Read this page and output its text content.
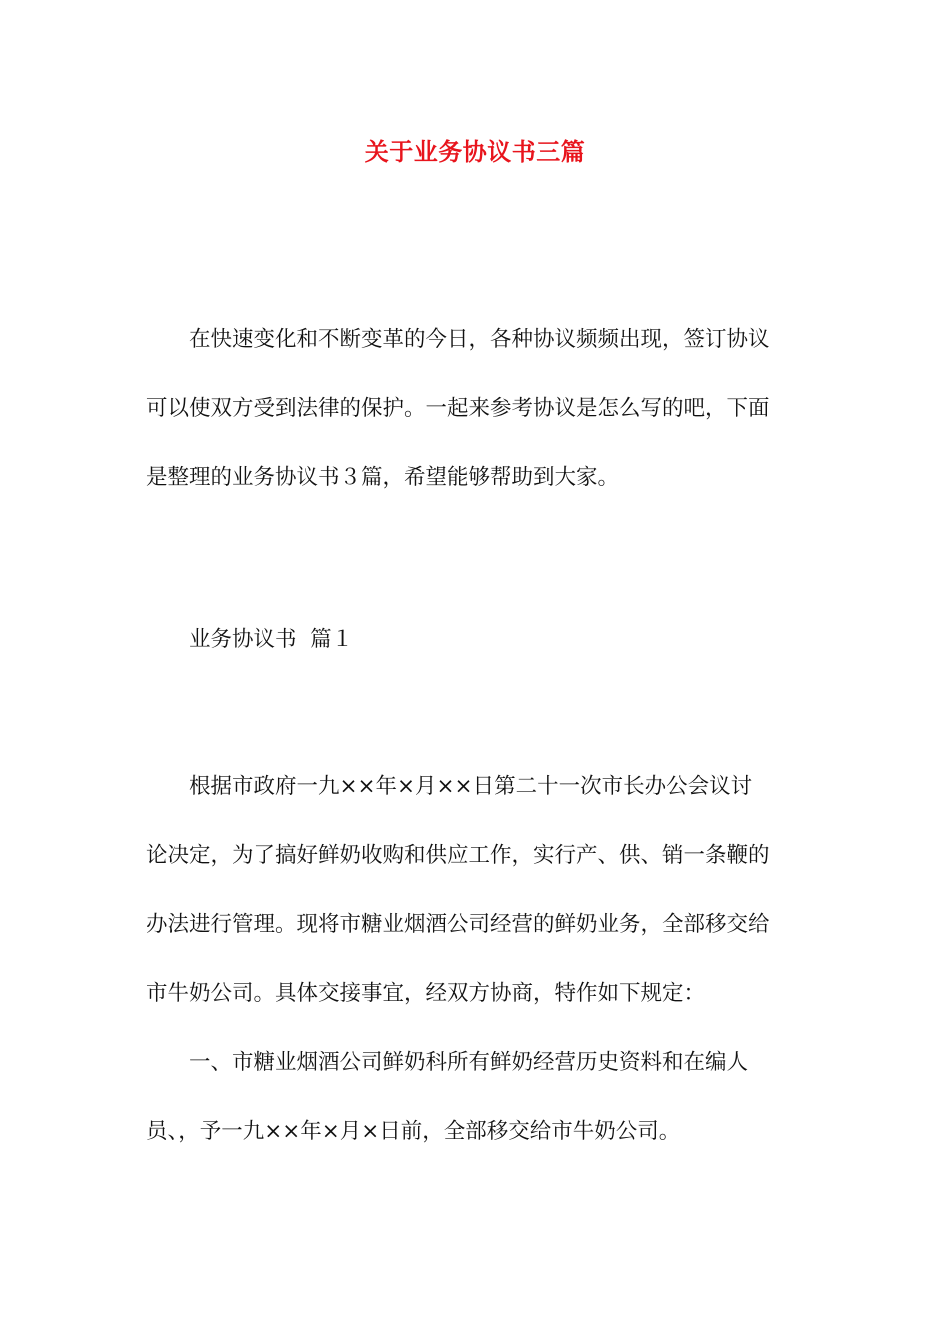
关于业务协议书三篇
在快速变化和不断变革的今日，各种协议频频出现，签订协议
可以使双方受到法律的保护。一起来参考协议是怎么写的吧，下面
是整理的业务协议书３篇，希望能够帮助到大家。
业务协议书  篇１
根据市政府一九××年×月××日第二十一次市长办公会议讨
论决定，为了搞好鲜奶收购和供应工作，实行产、供、销一条鞭的
办法进行管理。现将市糖业烟酒公司经营的鲜奶业务，全部移交给
市牛奶公司。具体交接事宜，经双方协商，特作如下规定：
一、市糖业烟酒公司鲜奶科所有鲜奶经营历史资料和在编人
员、，予一九××年×月×日前，全部移交给市牛奶公司。
